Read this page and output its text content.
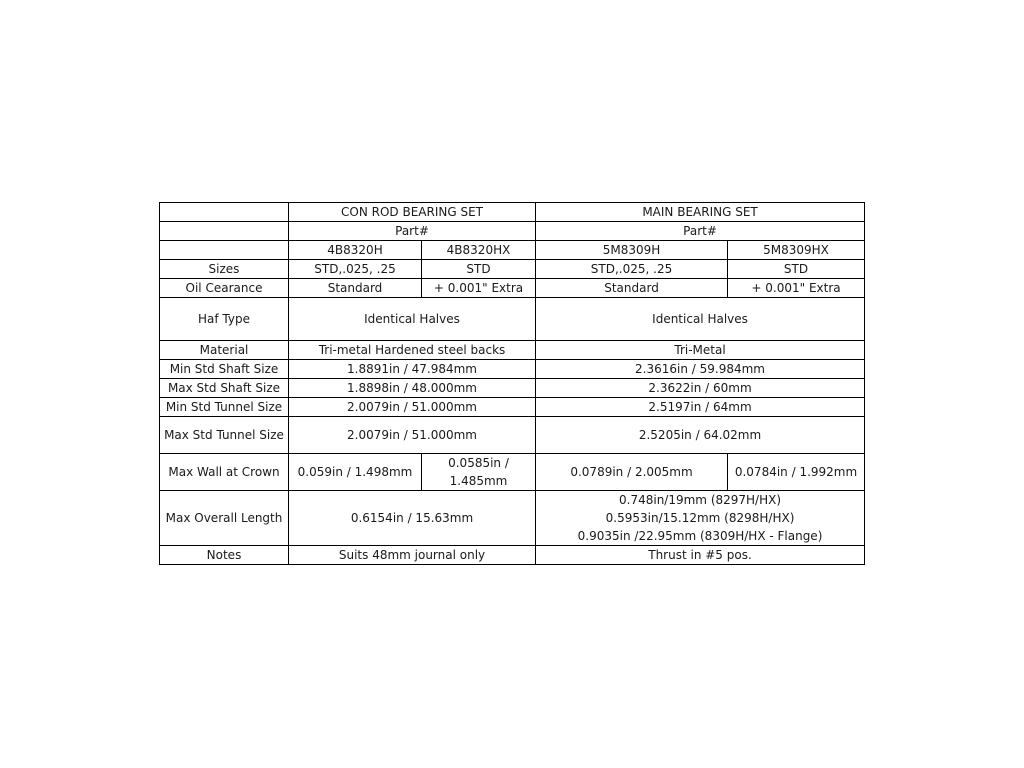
	CON ROD BEARING SET		MAIN BEARING SET	
	Part#		Part#	
	4B8320H	4B8320HX	5M8309H	5M8309HX
Sizes	STD,.025, .25	STD	STD,.025, .25	STD
Oil Cearance	Standard	+ 0.001" Extra	Standard	+ 0.001" Extra
Haf Type	Identical Halves		Identical Halves	
Material	Tri-metal Hardened steel backs		Tri-Metal	
Min Std Shaft Size	1.8891in / 47.984mm		2.3616in / 59.984mm	
Max Std Shaft Size	1.8898in / 48.000mm		2.3622in / 60mm	
Min Std Tunnel Size	2.0079in / 51.000mm		2.5197in / 64mm	
Max Std Tunnel Size	2.0079in / 51.000mm		2.5205in / 64.02mm	
Max Wall at Crown	0.059in / 1.498mm	0.0585in / 1.485mm	0.0789in / 2.005mm	0.0784in / 1.992mm
Max Overall Length	0.6154in / 15.63mm		0.748in/19mm (8297H/HX)
0.5953in/15.12mm (8298H/HX)
0.9035in /22.95mm (8309H/HX - Flange)	

Notes	Suits 48mm journal only		Thrust in #5 pos.	
